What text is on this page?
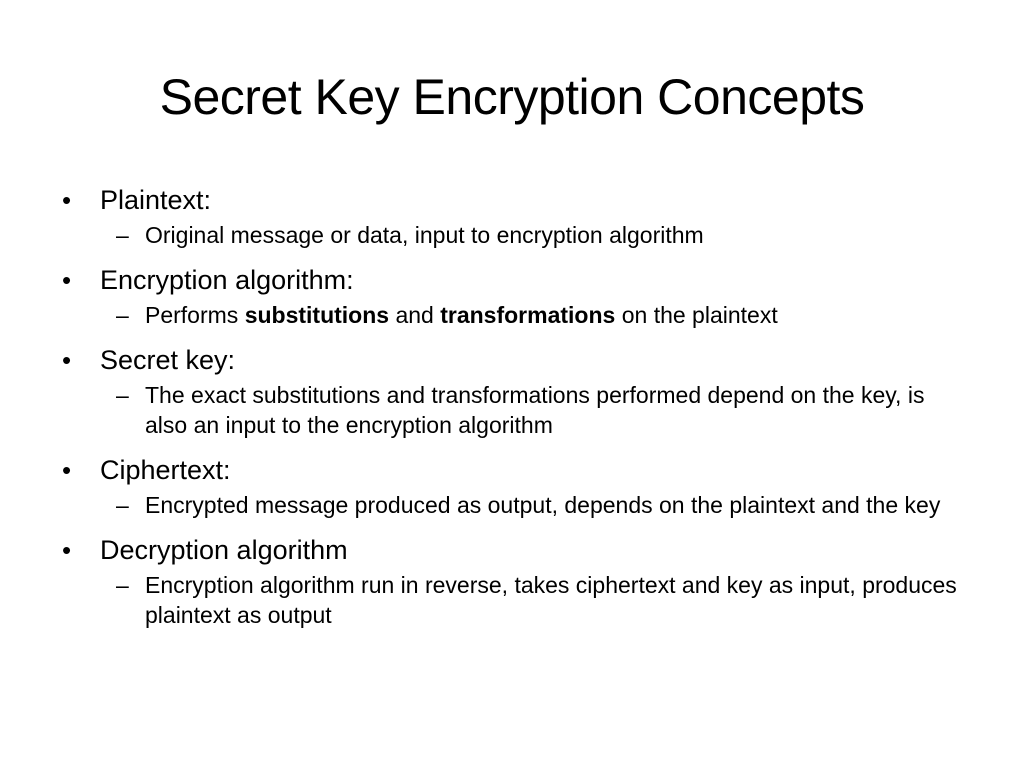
Secret Key Encryption Concepts
•	Plaintext:
– Original message or data, input to encryption algorithm
•	Encryption algorithm:
– Performs substitutions and transformations on the plaintext
•	Secret key:
– The exact substitutions and transformations performed depend on the key, is also an input to the encryption algorithm
•	Ciphertext:
– Encrypted message produced as output, depends on the plaintext and the key
•	Decryption algorithm
– Encryption algorithm run in reverse, takes ciphertext and key as input, produces plaintext as output
